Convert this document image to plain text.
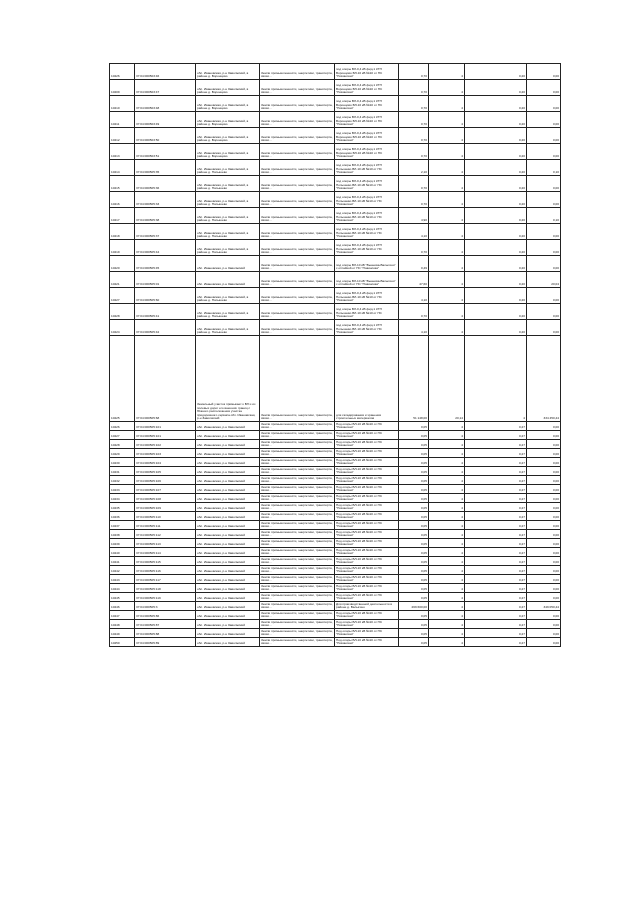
10226	37:04:000503:46	обл. Ивановская, р-н Заволжский, в районе д. Воронцово	Земли промышленности, энергетики, транспорта, связи...	под опоры ВЛ-0,4 кВ фид.1 КТП Воронцово ВЛ-10 кВ №10 от ПС "Новинская"	0,70	4	0,20	0,00
10209	37:04:000503:47	обл. Ивановская, р-н Заволжский, в районе д. Воронцово	Земли промышленности, энергетики, транспорта, связи...	под опоры ВЛ-0,4 кВ фид.1 КТП Воронцово ВЛ-10 кВ №10 от ПС "Новинская"	0,70	4	0,20	0,00
10210	37:04:000503:48	обл. Ивановская, р-н Заволжский, в районе д. Воронцово	Земли промышленности, энергетики, транспорта, связи...	под опоры ВЛ-0,4 кВ фид.1 КТП Воронцово ВЛ-10 кВ №10 от ПС "Новинская"	0,70	4	0,20	0,00
10211	37:04:000503:49	обл. Ивановская, р-н Заволжский, в районе д. Воронцово	Земли промышленности, энергетики, транспорта, связи...	под опоры ВЛ-0,4 кВ фид.1 КТП Воронцово ВЛ-10 кВ №10 от ПС "Новинская"	0,70	4	0,20	0,00
10212	37:04:000503:50	обл. Ивановская, р-н Заволжский, в районе д. Воронцово	Земли промышленности, энергетики, транспорта, связи...	под опоры ВЛ-0,4 кВ фид.1 КТП Воронцово ВЛ-10 кВ №10 от ПС "Новинская"	0,70	4	0,20	0,00
10213	37:04:000503:51	обл. Ивановская, р-н Заволжский, в районе д. Воронцово	Земли промышленности, энергетики, транспорта, связи...	под опоры ВЛ-0,4 кВ фид.1 КТП Воронцово ВЛ-10 кВ №10 от ПС "Новинская"	0,70	4	0,20	0,00
10214	37:04:000505:35	обл. Ивановская, р-н Заволжский, в районе д. Попышево	Земли промышленности, энергетики, транспорта, связи...	под опоры ВЛ-0,4 кВ фид.1 КТП Попышево ВЛ-10 кВ №10 от ПС "Новинская"	2,10	4	0,20	0,10
10215	37:04:000505:36	обл. Ивановская, р-н Заволжский, в районе д. Попышево	Земли промышленности, энергетики, транспорта, связи...	под опоры ВЛ-0,4 кВ фид.1 КТП Попышево ВЛ-10 кВ №10 от ПС "Новинская"	0,70	4	0,20	0,00
10216	37:04:000505:33	обл. Ивановская, р-н Заволжский, в районе д. Попышево	Земли промышленности, энергетики, транспорта, связи...	под опоры ВЛ-0,4 кВ фид.1 КТП Попышево ВЛ-10 кВ №10 от ПС "Новинская"	0,70	4	0,20	0,00
10217	37:04:000505:38	обл. Ивановская, р-н Заволжский, в районе д. Попышево	Земли промышленности, энергетики, транспорта, связи...	под опоры ВЛ-0,4 кВ фид.1 КТП Попышево ВЛ-10 кВ №10 от ПС "Новинская"	4,90	4	0,20	0,10
10218	37:04:000505:37	обл. Ивановская, р-н Заволжский, в районе д. Попышево	Земли промышленности, энергетики, транспорта, связи...	под опоры ВЛ-0,4 кВ фид.1 КТП Попышево ВЛ-10 кВ №10 от ПС "Новинская"	4,10	4	0,20	0,00
10219	37:04:000505:44	обл. Ивановская, р-н Заволжский, в районе д. Попышево	Земли промышленности, энергетики, транспорта, связи...	под опоры ВЛ-0,4 кВ фид.1 КТП Попышево ВЛ-10 кВ №10 от ПС "Новинская"	0,70	4	0,20	0,00
10220	37:04:000505:45	обл. Ивановская, р-н Заволжский	Земли промышленности, энергетики, транспорта, связи...	под опоры ВЛ-10 кВ "Вьюнова-Валыгино" с отпайкой от ПС "Новинская"	0,49	4	0,20	0,00
10221	37:04:000505:01	обл. Ивановская, р-н Заволжский	Земли промышленности, энергетики, транспорта, связи...	под опоры ВЛ-10 кВ "Вьюнова-Валыгино" с отпайкой от ПС "Новинская"	47,60	4	0,20	20,04
10227	37:04:000505:60	обл. Ивановская, р-н Заволжский, в районе д. Попышево	Земли промышленности, энергетики, транспорта, связи...	под опоры ВЛ-0,4 кВ фид.1 КТП Попышево ВЛ-10 кВ №10 от ПС "Новинская"	4,10	4	0,20	0,00
10228	37:04:000505:41	обл. Ивановская, р-н Заволжский, в районе д. Попышево	Земли промышленности, энергетики, транспорта, связи...	под опоры ВЛ-0,4 кВ фид.1 КТП Попышево ВЛ-10 кВ №10 от ПС "Новинская"	0,70	4	0,20	0,00
10224	37:04:000505:42	обл. Ивановская, р-н Заволжский, в районе д. Попышево	Земли промышленности, энергетики, транспорта, связи...	под опоры ВЛ-0,4 кВ фид.1 КТП Попышево ВЛ-10 кВ №10 от ПС "Новинская"	4,10	4	0,20	0,00
10225	37:04:000505:68	Земельный участок примыкает к ВЛ и из полевых дорог его внешних границ с Южного расположения участка придорожного сервиса обл. Ивановская, р-н Заволжский	Земли промышленности, энергетики, транспорта, связи...	для складирования и хранения строительных материалов	51 148,00	20,14	4	334 450,44
10226	37:04:000505:101	обл. Ивановская, р-н Заволжский	Земли промышленности, энергетики, транспорта, связи...	Под опоры ВЛ-10 кВ №10 от ПС "Новинская"	0,05	4	0,27	0,00
10227	37:04:000505:101	обл. Ивановская, р-н Заволжский	Земли промышленности, энергетики, транспорта, связи...	Под опоры ВЛ-10 кВ №10 от ПС "Новинская"	0,05	4	0,27	0,00
10228	37:04:000505:102	обл. Ивановская, р-н Заволжский	Земли промышленности, энергетики, транспорта, связи...	Под опоры ВЛ-10 кВ №10 от ПС "Новинская"	0,05	4	0,27	0,00
10229	37:04:000505:103	обл. Ивановская, р-н Заволжский	Земли промышленности, энергетики, транспорта, связи...	Под опоры ВЛ-10 кВ №10 от ПС "Новинская"	0,05	4	0,27	0,00
10230	37:04:000505:104	обл. Ивановская, р-н Заволжский	Земли промышленности, энергетики, транспорта, связи...	Под опоры ВЛ-10 кВ №10 от ПС "Новинская"	0,05	4	0,27	0,00
10231	37:04:000505:105	обл. Ивановская, р-н Заволжский	Земли промышленности, энергетики, транспорта, связи...	Под опоры ВЛ-10 кВ №10 от ПС "Новинская"	0,05	4	0,27	0,00
10232	37:04:000505:106	обл. Ивановская, р-н Заволжский	Земли промышленности, энергетики, транспорта, связи...	Под опоры ВЛ-10 кВ №10 от ПС "Новинская"	0,05	4	0,27	0,00
10233	37:04:000505:107	обл. Ивановская, р-н Заволжский	Земли промышленности, энергетики, транспорта, связи...	Под опоры ВЛ-10 кВ №10 от ПС "Новинская"	0,05	4	0,27	0,00
10234	37:04:000505:108	обл. Ивановская, р-н Заволжский	Земли промышленности, энергетики, транспорта, связи...	Под опоры ВЛ-10 кВ №10 от ПС "Новинская"	0,05	4	0,27	0,00
10235	37:04:000505:109	обл. Ивановская, р-н Заволжский	Земли промышленности, энергетики, транспорта, связи...	Под опоры ВЛ-10 кВ №10 от ПС "Новинская"	0,05	4	0,27	0,00
10236	37:04:000505:110	обл. Ивановская, р-н Заволжский	Земли промышленности, энергетики, транспорта, связи...	Под опоры ВЛ-10 кВ №10 от ПС "Новинская"	0,05	4	0,27	0,00
10237	37:04:000505:111	обл. Ивановская, р-н Заволжский	Земли промышленности, энергетики, транспорта, связи...	Под опоры ВЛ-10 кВ №10 от ПС "Новинская"	0,05	4	0,27	0,00
10238	37:04:000505:112	обл. Ивановская, р-н Заволжский	Земли промышленности, энергетики, транспорта, связи...	Под опоры ВЛ-10 кВ №10 от ПС "Новинская"	0,05	4	0,27	0,00
10239	37:04:000505:113	обл. Ивановская, р-н Заволжский	Земли промышленности, энергетики, транспорта, связи...	Под опоры ВЛ-10 кВ №10 от ПС "Новинская"	0,05	4	0,27	0,00
10240	37:04:000505:114	обл. Ивановская, р-н Заволжский	Земли промышленности, энергетики, транспорта, связи...	Под опоры ВЛ-10 кВ №10 от ПС "Новинская"	0,05	4	0,27	0,00
10241	37:04:000505:115	обл. Ивановская, р-н Заволжский	Земли промышленности, энергетики, транспорта, связи...	Под опоры ВЛ-10 кВ №10 от ПС "Новинская"	0,05	4	0,27	0,00
10242	37:04:000505:116	обл. Ивановская, р-н Заволжский	Земли промышленности, энергетики, транспорта, связи...	Под опоры ВЛ-10 кВ №10 от ПС "Новинская"	0,05	4	0,27	0,00
10243	37:04:000505:117	обл. Ивановская, р-н Заволжский	Земли промышленности, энергетики, транспорта, связи...	Под опоры ВЛ-10 кВ №10 от ПС "Новинская"	0,05	4	0,27	0,00
10244	37:04:000505:118	обл. Ивановская, р-н Заволжский	Земли промышленности, энергетики, транспорта, связи...	Под опоры ВЛ-10 кВ №10 от ПС "Новинская"	0,05	4	0,27	0,00
10245	37:04:000505:119	обл. Ивановская, р-н Заволжский	Земли промышленности, энергетики, транспорта, связи...	Под опоры ВЛ-10 кВ №10 от ПС "Новинская"	0,05	4	0,27	0,00
10246	37:04:000505:3	обл. Ивановская, р-н Заволжский	Земли промышленности, энергетики, транспорта, связи...	Для производственной деятельности в районе д. Валыгино	269 600,00	4	0,27	349 050,44
10247	37:04:000505:86	обл. Ивановская, р-н Заволжский	Земли промышленности, энергетики, транспорта, связи...	Под опоры ВЛ-10 кВ №10 от ПС "Новинская"	0,05	4	0,27	0,00
10248	37:04:000505:87	обл. Ивановская, р-н Заволжский	Земли промышленности, энергетики, транспорта, связи...	Под опоры ВЛ-10 кВ №10 от ПС "Новинская"	0,05	4	0,27	0,00
10249	37:04:000505:88	обл. Ивановская, р-н Заволжский	Земли промышленности, энергетики, транспорта, связи...	Под опоры ВЛ-10 кВ №10 от ПС "Новинская"	0,05	4	0,27	0,00
10250	37:04:000505:89	обл. Ивановская, р-н Заволжский	Земли промышленности, энергетики, транспорта, связи...	Под опоры ВЛ-10 кВ №10 от ПС "Новинская"	0,05	4	0,27	0,00
